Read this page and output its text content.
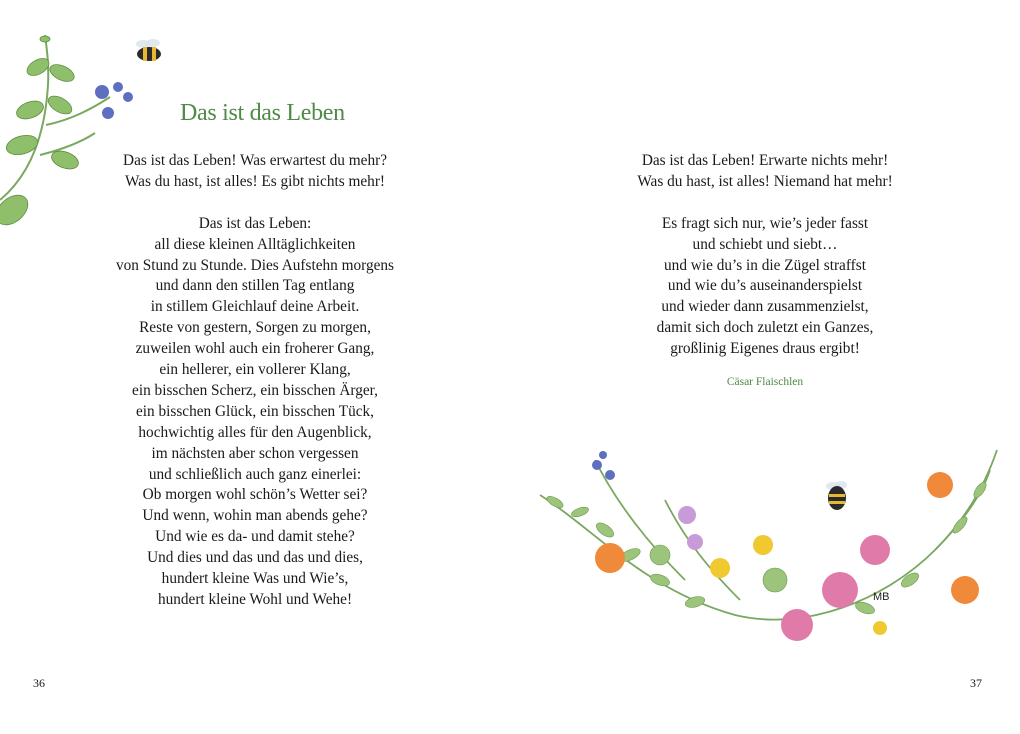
Das ist das Leben
Das ist das Leben! Was erwartest du mehr?
Was du hast, ist alles! Es gibt nichts mehr!
Das ist das Leben:
all diese kleinen Alltäglichkeiten
von Stund zu Stunde. Dies Aufstehn morgens
und dann den stillen Tag entlang
in stillem Gleichlauf deine Arbeit.
Reste von gestern, Sorgen zu morgen,
zuweilen wohl auch ein froherer Gang,
ein hellerer, ein vollerer Klang,
ein bisschen Scherz, ein bisschen Ärger,
ein bisschen Glück, ein bisschen Tück,
hochwichtig alles für den Augenblick,
im nächsten aber schon vergessen
und schließlich auch ganz einerlei:
Ob morgen wohl schön’s Wetter sei?
Und wenn, wohin man abends gehe?
Und wie es da- und damit stehe?
Und dies und das und das und dies,
hundert kleine Was und Wie’s,
hundert kleine Wohl und Wehe!
36
Das ist das Leben! Erwarte nichts mehr!
Was du hast, ist alles! Niemand hat mehr!
Es fragt sich nur, wie’s jeder fasst
und schiebt und siebt…
und wie du’s in die Zügel straffst
und wie du’s auseinanderspielst
und wieder dann zusammenzielst,
damit sich doch zuletzt ein Ganzes,
großlinig Eigenes draus ergibt!
Cäsar Flaischlen
MB
37
